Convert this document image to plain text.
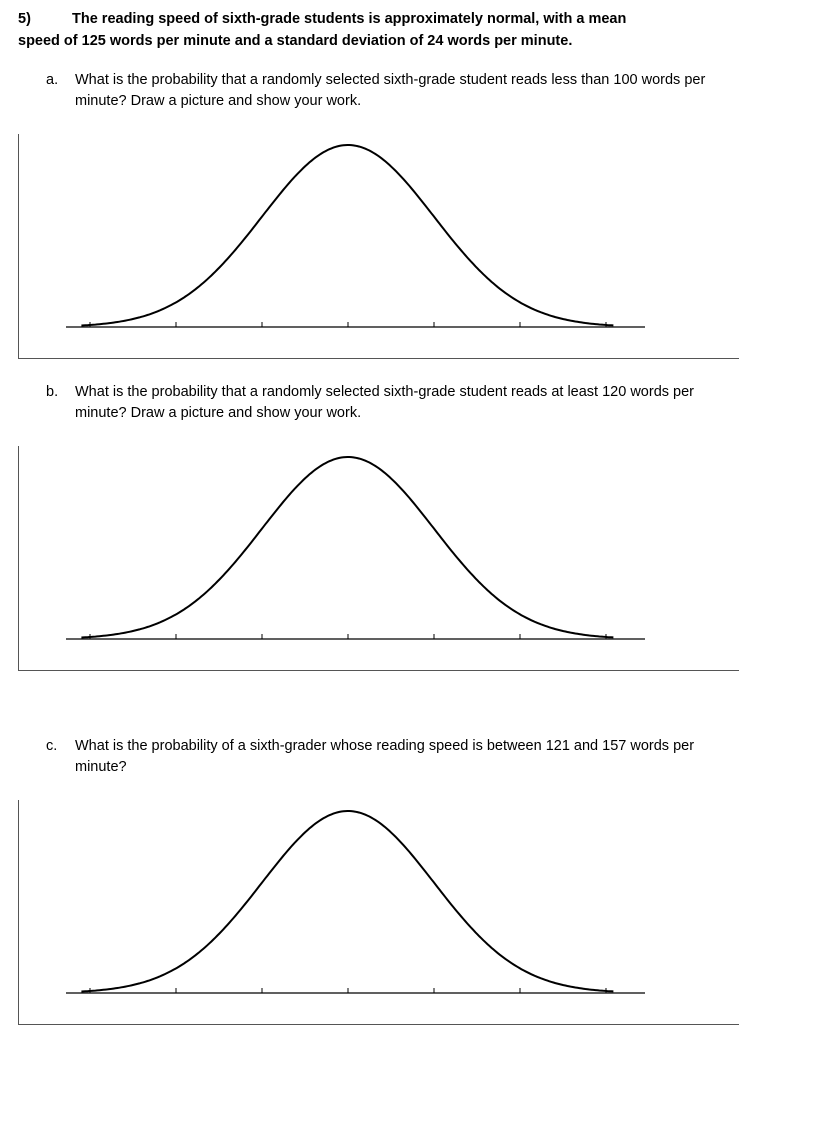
5)	The reading speed of sixth-grade students is approximately normal, with a mean
speed of 125 words per minute and a standard deviation of 24 words per minute.
a. What is the probability that a randomly selected sixth-grade student reads less than 100 words per minute? Draw a picture and show your work.
b. What is the probability that a randomly selected sixth-grade student reads at least 120 words per minute? Draw a picture and show your work.
c. What is the probability of a sixth-grader whose reading speed is between 121 and 157 words per minute?
